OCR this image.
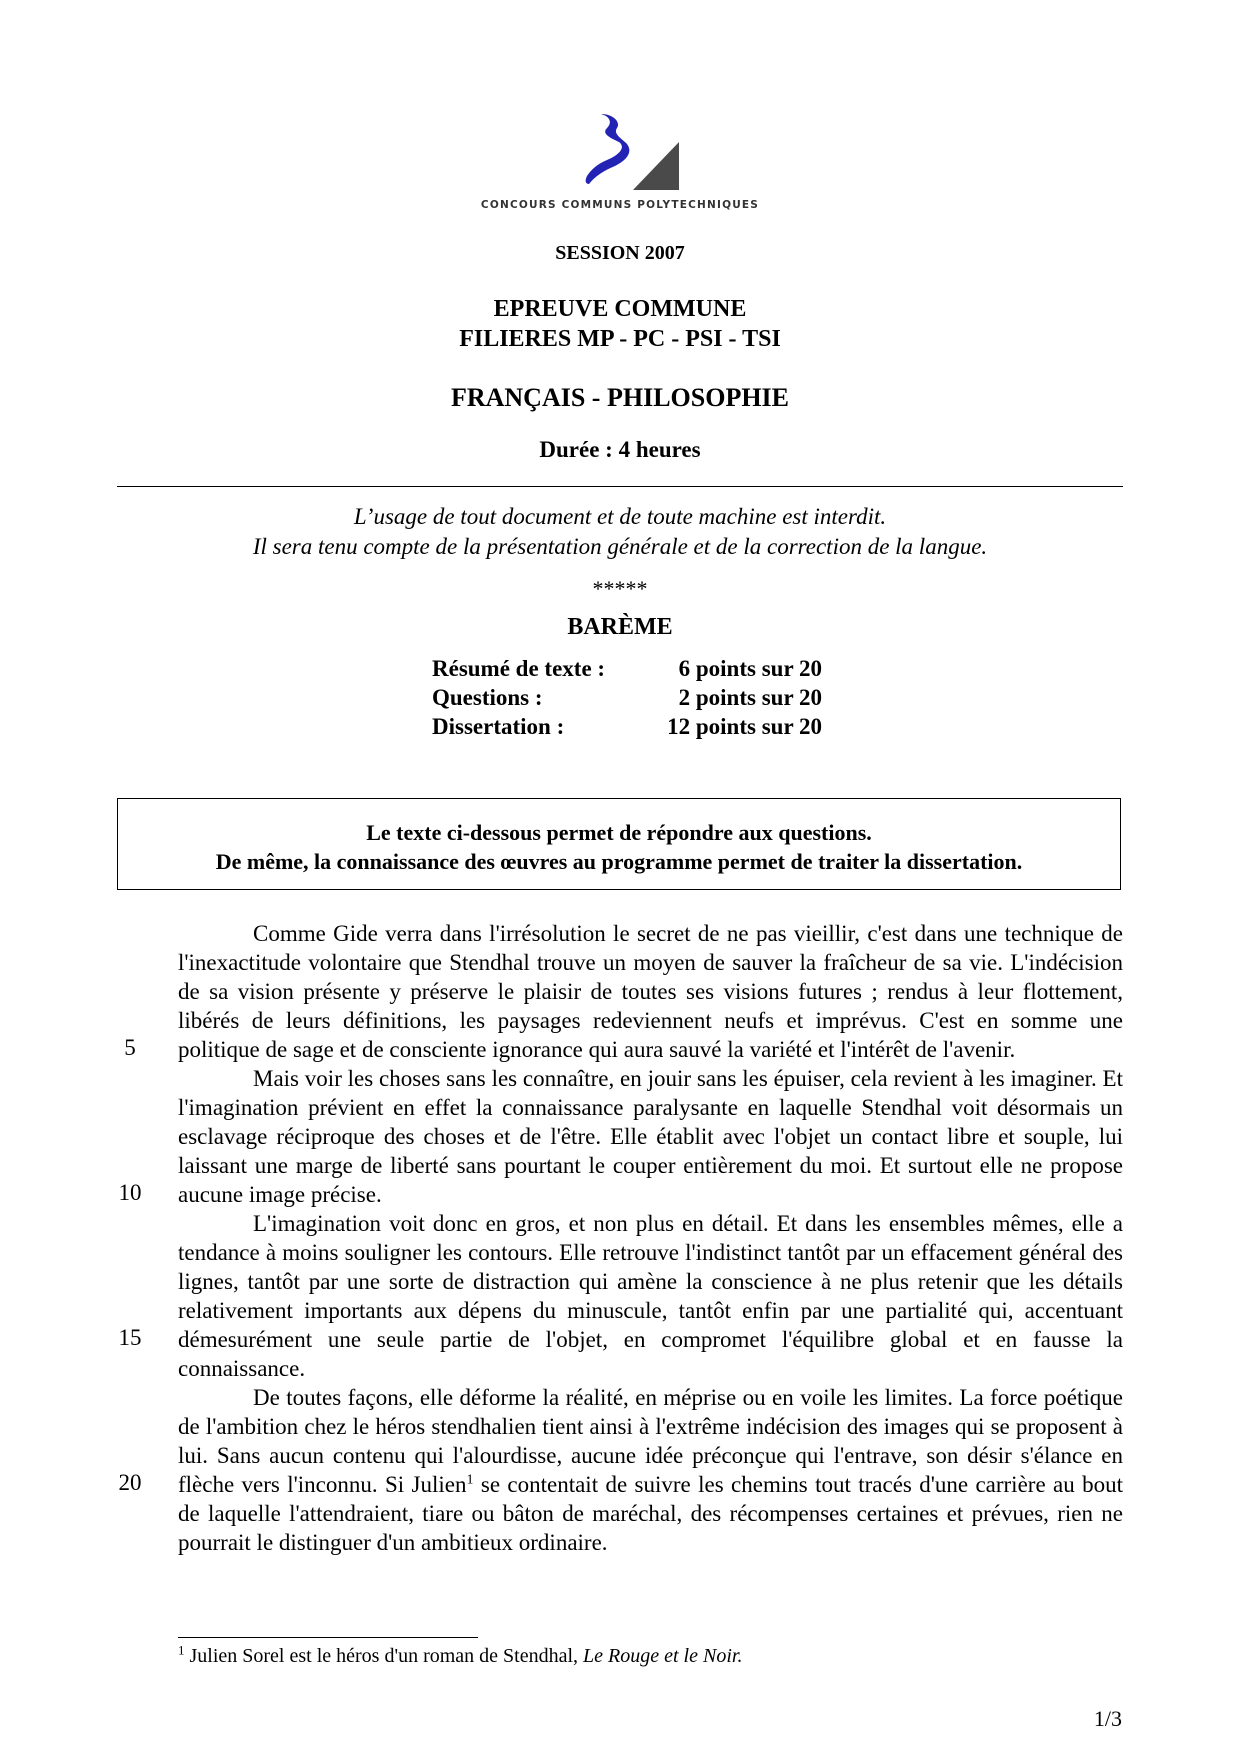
CONCOURS COMMUNS POLYTECHNIQUES
SESSION 2007
EPREUVE COMMUNE
FILIERES MP - PC - PSI - TSI
FRANÇAIS - PHILOSOPHIE
Durée : 4 heures
L’usage de tout document et de toute machine est interdit.
Il sera tenu compte de la présentation générale et de la correction de la langue.
*****
BARÈME
Résumé de texte :	6 points sur 20
Questions :	2 points sur 20
Dissertation :	12 points sur 20
Le texte ci-dessous permet de répondre aux questions.
De même, la connaissance des œuvres au programme permet de traiter la dissertation.
5
10
15
20

Comme Gide verra dans l'irrésolution le secret de ne pas vieillir, c'est dans une technique de l'inexactitude volontaire que Stendhal trouve un moyen de sauver la fraîcheur de sa vie. L'indécision de sa vision présente y préserve le plaisir de toutes ses visions futures ; rendus à leur flottement, libérés de leurs définitions, les paysages redeviennent neufs et imprévus. C'est en somme une politique de sage et de consciente ignorance qui aura sauvé la variété et l'intérêt de l'avenir.

Mais voir les choses sans les connaître, en jouir sans les épuiser, cela revient à les imaginer. Et l'imagination prévient en effet la connaissance paralysante en laquelle Stendhal voit désormais un esclavage réciproque des choses et de l'être. Elle établit avec l'objet un contact libre et souple, lui laissant une marge de liberté sans pourtant le couper entièrement du moi. Et surtout elle ne propose aucune image précise.

L'imagination voit donc en gros, et non plus en détail. Et dans les ensembles mêmes, elle a tendance à moins souligner les contours. Elle retrouve l'indistinct tantôt par un effacement général des lignes, tantôt par une sorte de distraction qui amène la conscience à ne plus retenir que les détails relativement importants aux dépens du minuscule, tantôt enfin par une partialité qui, accentuant démesurément une seule partie de l'objet, en compromet l'équilibre global et en fausse la connaissance.

De toutes façons, elle déforme la réalité, en méprise ou en voile les limites. La force poétique de l'ambition chez le héros stendhalien tient ainsi à l'extrême indécision des images qui se proposent à lui. Sans aucun contenu qui l'alourdisse, aucune idée préconçue qui l'entrave, son désir s'élance en flèche vers l'inconnu. Si Julien$^1$ se contentait de suivre les chemins tout tracés d'une carrière au bout de laquelle l'attendraient, tiare ou bâton de maréchal, des récompenses certaines et prévues, rien ne pourrait le distinguer d'un ambitieux ordinaire.

$^1$ Julien Sorel est le héros d'un roman de Stendhal, Le Rouge et le Noir.
1/3
